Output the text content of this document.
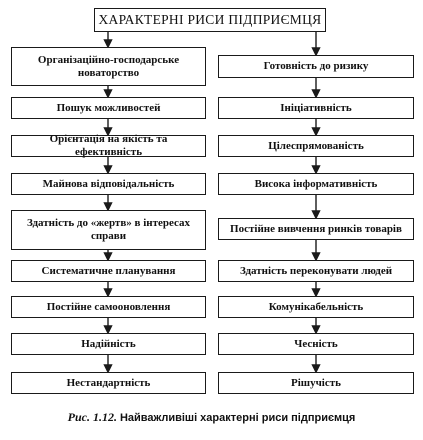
ХАРАКТЕРНІ РИСИ ПІДПРИЄМЦЯ
Організаційно-господарське новаторство
Пошук можливостей
Орієнтація на якість та ефективність
Майнова відповідальність
Здатність до «жертв» в інтересах справи
Систематичне планування
Постійне самооновлення
Надійність
Нестандартність
Готовність до ризику
Ініціативність
Цілеспрямованість
Висока інформативність
Постійне вивчення ринків товарів
Здатність переконувати людей
Комунікабельність
Чесність
Рішучість
Рис. 1.12. Найважливіші характерні риси підприємця
